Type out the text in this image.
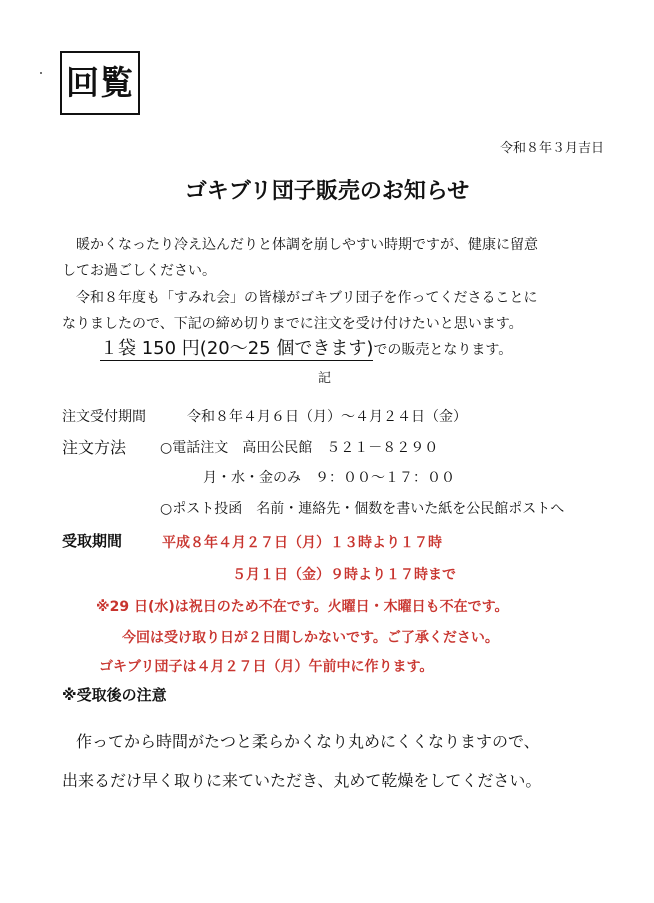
回覧
令和８年３月吉日
ゴキブリ団子販売のお知らせ
暖かくなったり冷え込んだりと体調を崩しやすい時期ですが、健康に留意
してお過ごしください。
令和８年度も「すみれ会」の皆様がゴキブリ団子を作ってくださることに
なりましたので、下記の締め切りまでに注文を受け付けたいと思います。
１袋 150 円(20～25 個できます)での販売となります。
記
注文受付期間	令和８年４月６日（月）～４月２４日（金）
注文方法 ○電話注文　高田公民館　５２１－８２９０
月・水・金のみ　９：００～１７：００
○ポスト投函　名前・連絡先・個数を書いた紙を公民館ポストへ
受取期間	平成８年４月２７日（月）１３時より１７時
５月１日（金）９時より１７時まで
※29 日(水)は祝日のため不在です。火曜日・木曜日も不在です。
今回は受け取り日が２日間しかないです。ご了承ください。
ゴキブリ団子は４月２７日（月）午前中に作ります。
※受取後の注意
作ってから時間がたつと柔らかくなり丸めにくくなりますので、
出来るだけ早く取りに来ていただき、丸めて乾燥をしてください。
